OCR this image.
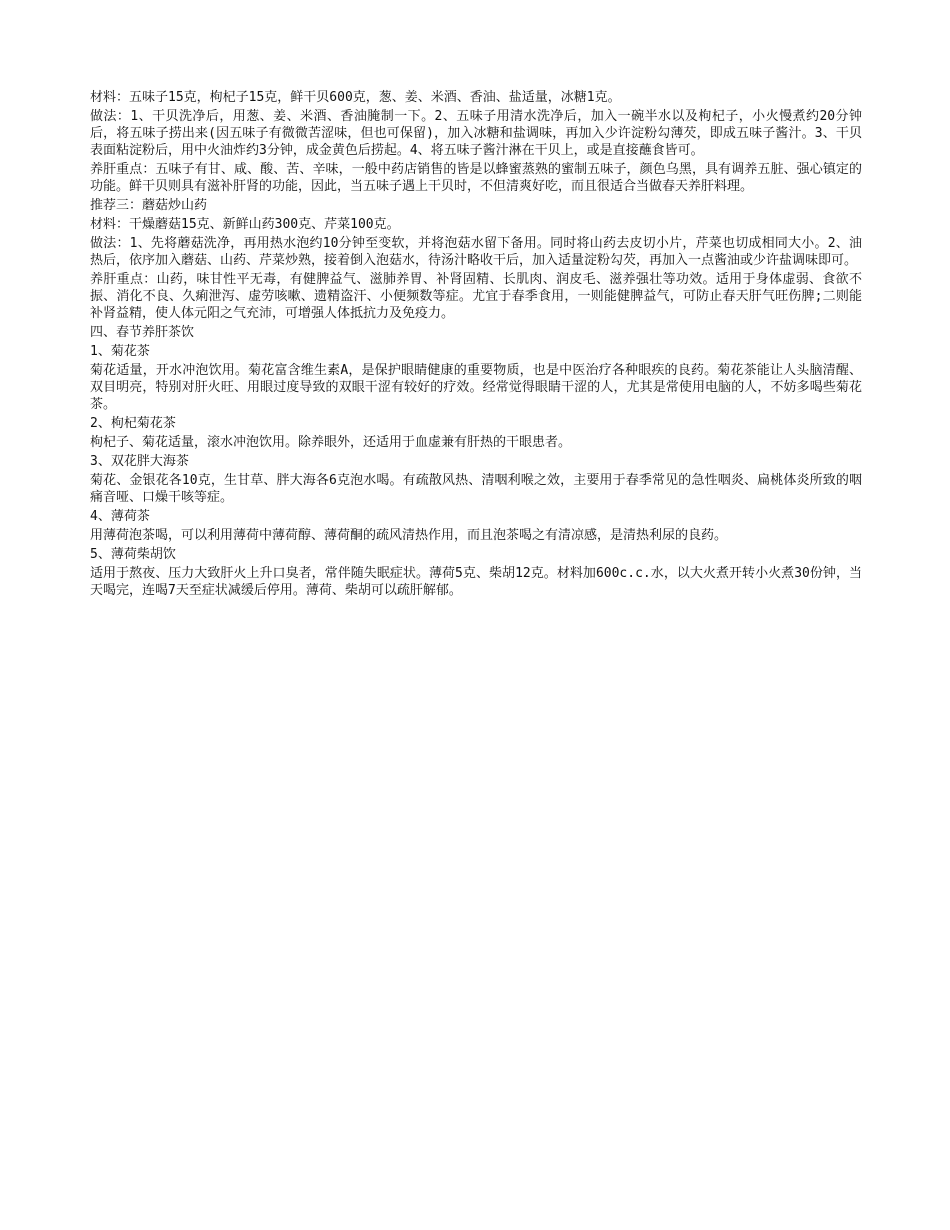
材料：五味子15克，枸杞子15克，鲜干贝600克，葱、姜、米酒、香油、盐适量，冰糖1克。

做法：1、干贝洗净后，用葱、姜、米酒、香油腌制一下。2、五味子用清水洗净后，加入一碗半水以及枸杞子，小火慢煮约20分钟后，将五味子捞出来(因五味子有微微苦涩味，但也可保留)，加入冰糖和盐调味，再加入少许淀粉勾薄芡，即成五味子酱汁。3、干贝表面粘淀粉后，用中火油炸约3分钟，成金黄色后捞起。4、将五味子酱汁淋在干贝上，或是直接蘸食皆可。

养肝重点：五味子有甘、咸、酸、苦、辛味，一般中药店销售的皆是以蜂蜜蒸熟的蜜制五味子，颜色乌黑，具有调养五脏、强心镇定的功能。鲜干贝则具有滋补肝肾的功能，因此，当五味子遇上干贝时，不但清爽好吃，而且很适合当做春天养肝料理。

推荐三：蘑菇炒山药

材料：干燥蘑菇15克、新鲜山药300克、芹菜100克。

做法：1、先将蘑菇洗净，再用热水泡约10分钟至变软，并将泡菇水留下备用。同时将山药去皮切小片，芹菜也切成相同大小。2、油热后，依序加入蘑菇、山药、芹菜炒熟，接着倒入泡菇水，待汤汁略收干后，加入适量淀粉勾芡，再加入一点酱油或少许盐调味即可。

养肝重点：山药，味甘性平无毒，有健脾益气、滋肺养胃、补肾固精、长肌肉、润皮毛、滋养强壮等功效。适用于身体虚弱、食欲不振、消化不良、久痢泄泻、虚劳咳嗽、遗精盗汗、小便频数等症。尤宜于春季食用，一则能健脾益气，可防止春天肝气旺伤脾;二则能补肾益精，使人体元阳之气充沛，可增强人体抵抗力及免疫力。

四、春节养肝茶饮

1、菊花茶

菊花适量，开水冲泡饮用。菊花富含维生素A，是保护眼睛健康的重要物质，也是中医治疗各种眼疾的良药。菊花茶能让人头脑清醒、双目明亮，特别对肝火旺、用眼过度导致的双眼干涩有较好的疗效。经常觉得眼睛干涩的人，尤其是常使用电脑的人，不妨多喝些菊花茶。

2、枸杞菊花茶

枸杞子、菊花适量，滚水冲泡饮用。除养眼外，还适用于血虚兼有肝热的干眼患者。

3、双花胖大海茶

菊花、金银花各10克，生甘草、胖大海各6克泡水喝。有疏散风热、清咽利喉之效，主要用于春季常见的急性咽炎、扁桃体炎所致的咽痛音哑、口燥干咳等症。

4、薄荷茶

用薄荷泡茶喝，可以利用薄荷中薄荷醇、薄荷酮的疏风清热作用，而且泡茶喝之有清凉感，是清热利尿的良药。

5、薄荷柴胡饮

适用于熬夜、压力大致肝火上升口臭者，常伴随失眠症状。薄荷5克、柴胡12克。材料加600c.c.水，以大火煮开转小火煮30份钟，当天喝完，连喝7天至症状减缓后停用。薄荷、柴胡可以疏肝解郁。
